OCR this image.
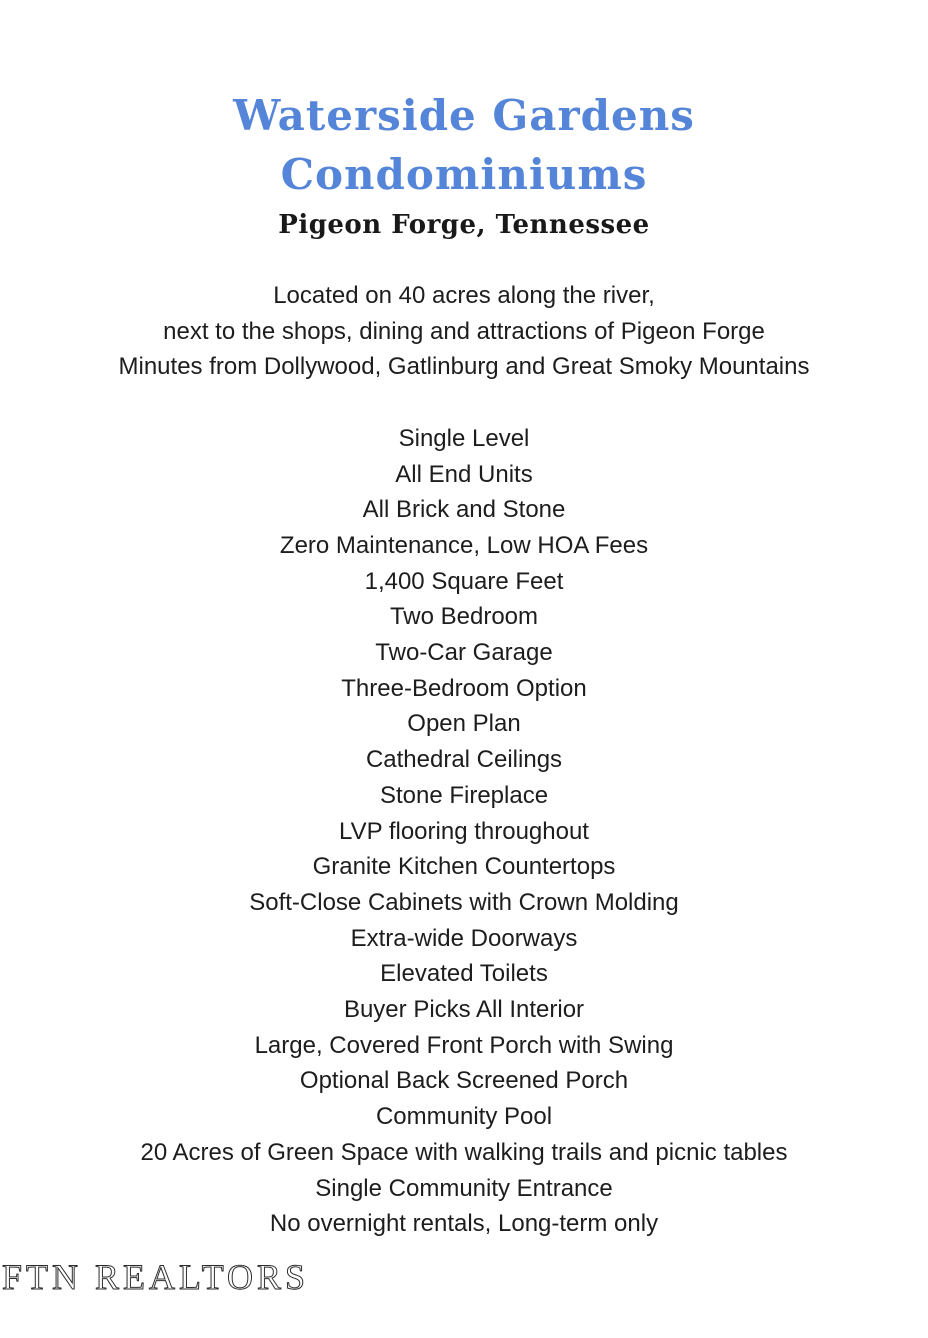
Waterside Gardens
Condominiums
Pigeon Forge, Tennessee
Located on 40 acres along the river,
next to the shops, dining and attractions of Pigeon Forge
Minutes from Dollywood, Gatlinburg and Great Smoky Mountains
Single Level
All End Units
All Brick and Stone
Zero Maintenance, Low HOA Fees
1,400 Square Feet
Two Bedroom
Two-Car Garage
Three-Bedroom Option
Open Plan
Cathedral Ceilings
Stone Fireplace
LVP flooring throughout
Granite Kitchen Countertops
Soft-Close Cabinets with Crown Molding
Extra-wide Doorways
Elevated Toilets
Buyer Picks All Interior
Large, Covered Front Porch with Swing
Optional Back Screened Porch
Community Pool
20 Acres of Green Space with walking trails and picnic tables
Single Community Entrance
No overnight rentals, Long-term only
FTN REALTORS
